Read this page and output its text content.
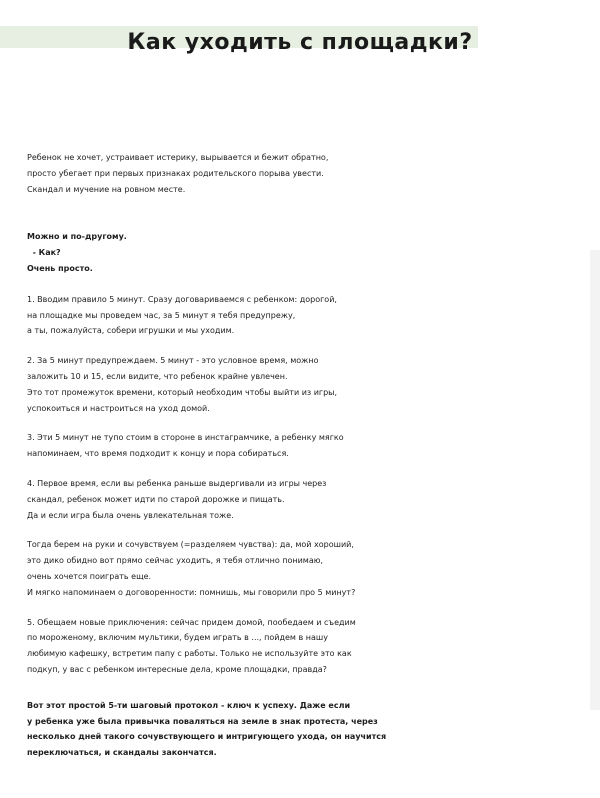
Как уходить с площадки?

Ребенок не хочет, устраивает истерику, вырывается и бежит обратно,
просто убегает при первых признаках родительского порыва увести.
Скандал и мучение на ровном месте.

Можно и по-другому.
- Как?
Очень просто.

1. Вводим правило 5 минут. Сразу договариваемся с ребенком: дорогой,
на площадке мы проведем час, за 5 минут я тебя предупрежу,
а ты, пожалуйста, собери игрушки и мы уходим.

2. За 5 минут предупреждаем. 5 минут - это условное время, можно
заложить 10 и 15, если видите, что ребенок крайне увлечен.
Это тот промежуток времени, который необходим чтобы выйти из игры,
успокоиться и настроиться на уход домой.

3. Эти 5 минут не тупо стоим в стороне в инстаграмчике, а ребенку мягко
напоминаем, что время подходит к концу и пора собираться.

4. Первое время, если вы ребенка раньше выдергивали из игры через
скандал, ребенок может идти по старой дорожке и пищать.
Да и если игра была очень увлекательная тоже.

Тогда берем на руки и сочувствуем (=разделяем чувства): да, мой хороший,
это дико обидно вот прямо сейчас уходить, я тебя отлично понимаю,
очень хочется поиграть еще.
И мягко напоминаем о договоренности: помнишь, мы говорили про 5 минут?

5. Обещаем новые приключения: сейчас придем домой, пообедаем и съедим
по мороженому, включим мультики, будем играть в ..., пойдем в нашу
любимую кафешку, встретим папу с работы. Только не используйте это как
подкуп, у вас с ребенком интересные дела, кроме площадки, правда?

Вот этот простой 5-ти шаговый протокол - ключ к успеху. Даже если
у ребенка уже была привычка поваляться на земле в знак протеста, через
несколько дней такого сочувствующего и интригующего ухода, он научится
переключаться, и скандалы закончатся.
